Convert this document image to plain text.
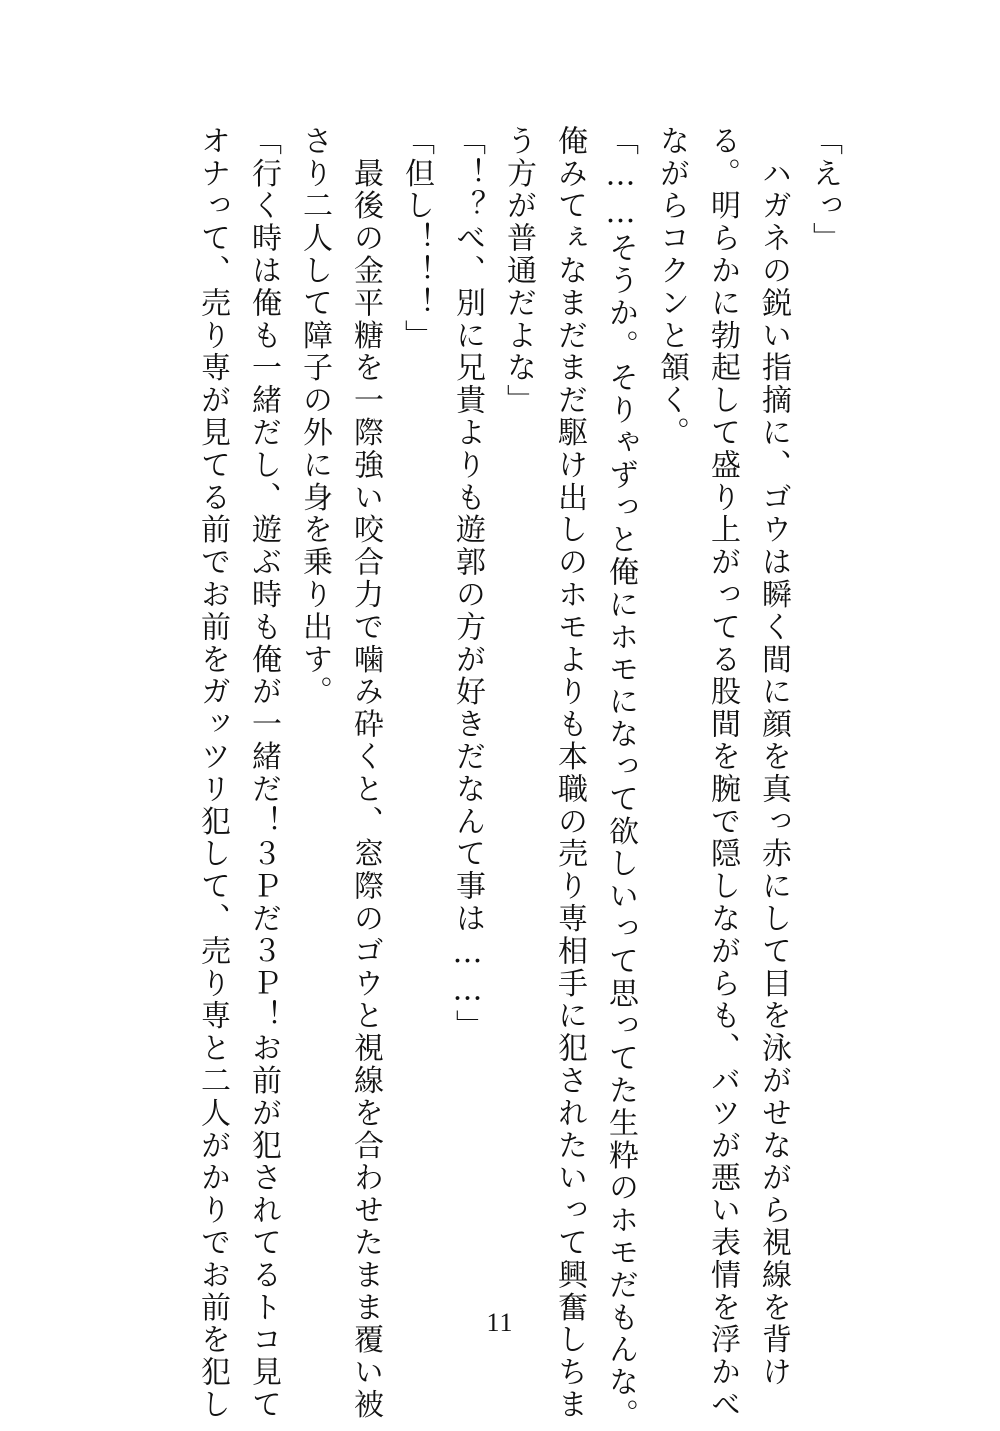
「えっ」
　ハガネの鋭い指摘に、ゴウは瞬く間に顔を真っ赤にして目を泳がせながら視線を背け
る。明らかに勃起して盛り上がってる股間を腕で隠しながらも、バツが悪い表情を浮かべ
ながらコクンと頷く。
「……そうか。そりゃずっと俺にホモになって欲しいって思ってた生粋のホモだもんな。
俺みてぇなまだまだ駆け出しのホモよりも本職の売り専相手に犯されたいって興奮しちま
う方が普通だよな」
「！？べ、別に兄貴よりも遊郭の方が好きだなんて事は……」
「但し！！！」
　最後の金平糖を一際強い咬合力で噛み砕くと、窓際のゴウと視線を合わせたまま覆い被
さり二人して障子の外に身を乗り出す。
「行く時は俺も一緒だし、遊ぶ時も俺が一緒だ！３Ｐだ３Ｐ！お前が犯されてるトコ見て
オナって、売り専が見てる前でお前をガッツリ犯して、売り専と二人がかりでお前を犯し	11
